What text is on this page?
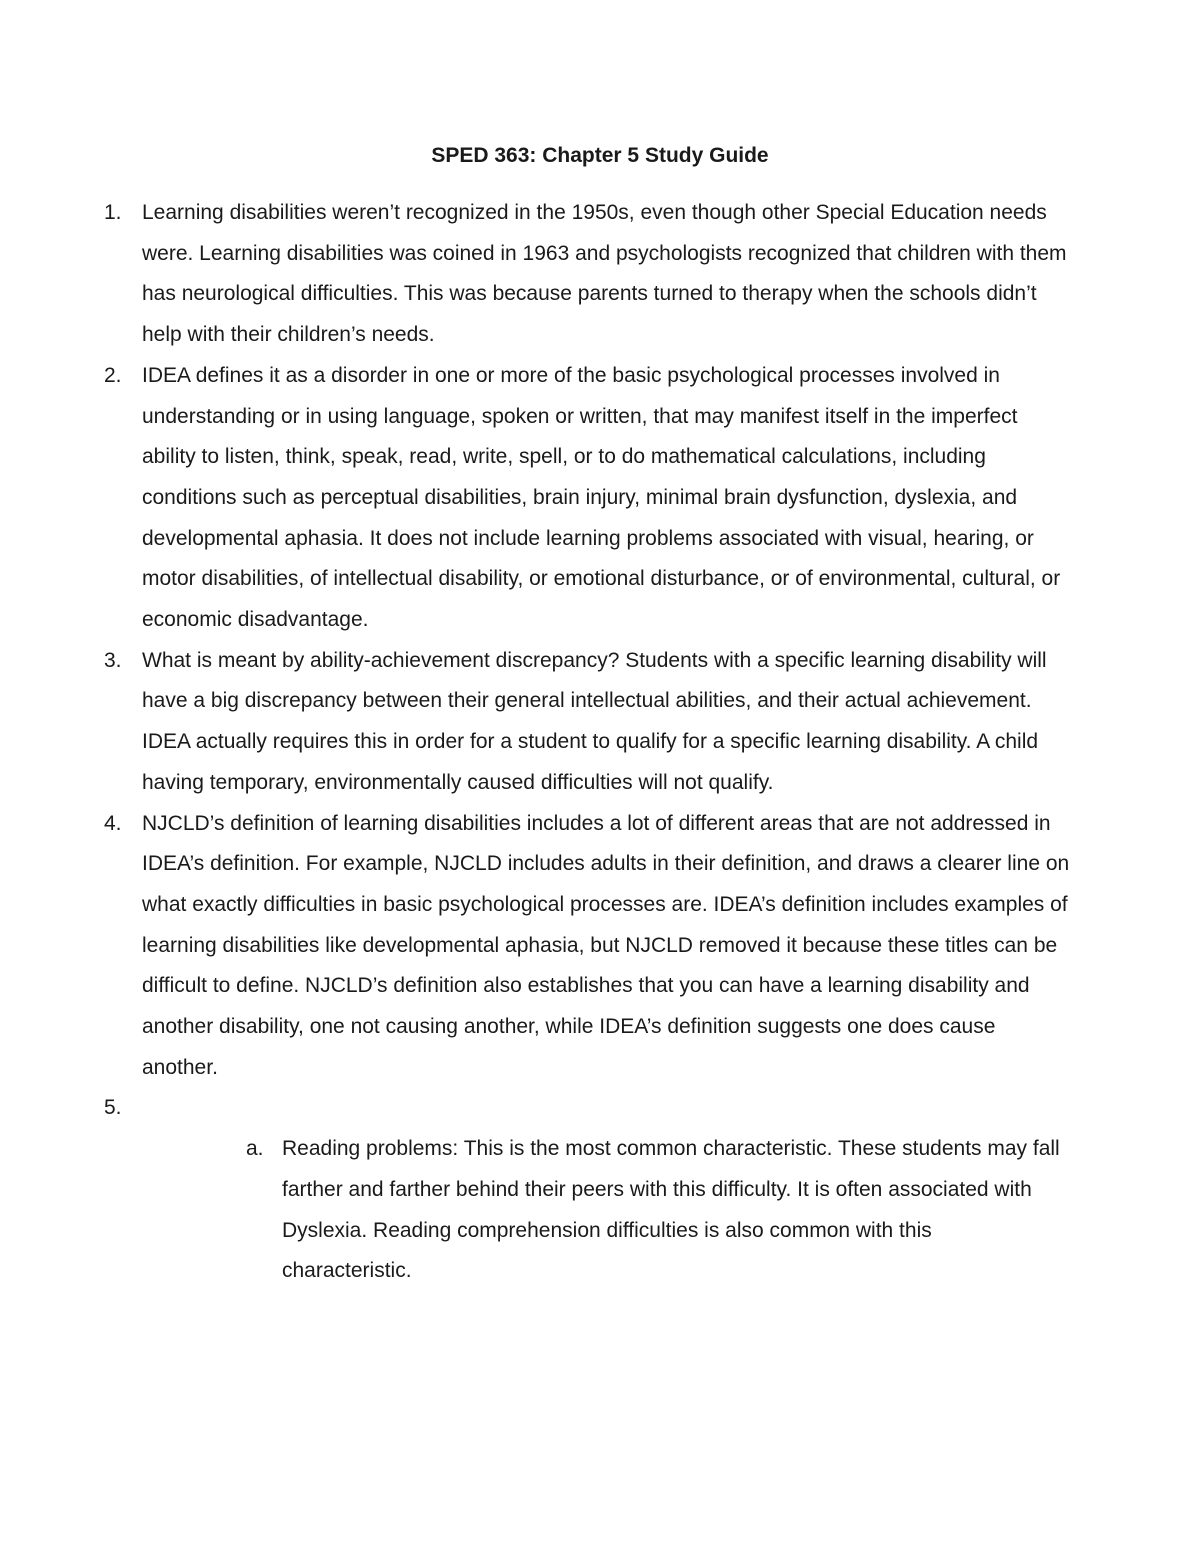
SPED 363: Chapter 5 Study Guide
1. Learning disabilities weren’t recognized in the 1950s, even though other Special Education needs were. Learning disabilities was coined in 1963 and psychologists recognized that children with them has neurological difficulties. This was because parents turned to therapy when the schools didn’t help with their children’s needs.
2. IDEA defines it as a disorder in one or more of the basic psychological processes involved in understanding or in using language, spoken or written, that may manifest itself in the imperfect ability to listen, think, speak, read, write, spell, or to do mathematical calculations, including conditions such as perceptual disabilities, brain injury, minimal brain dysfunction, dyslexia, and developmental aphasia. It does not include learning problems associated with visual, hearing, or motor disabilities, of intellectual disability, or emotional disturbance, or of environmental, cultural, or economic disadvantage.
3. What is meant by ability-achievement discrepancy? Students with a specific learning disability will have a big discrepancy between their general intellectual abilities, and their actual achievement. IDEA actually requires this in order for a student to qualify for a specific learning disability. A child having temporary, environmentally caused difficulties will not qualify.
4. NJCLD’s definition of learning disabilities includes a lot of different areas that are not addressed in IDEA’s definition. For example, NJCLD includes adults in their definition, and draws a clearer line on what exactly difficulties in basic psychological processes are. IDEA’s definition includes examples of learning disabilities like developmental aphasia, but NJCLD removed it because these titles can be difficult to define. NJCLD’s definition also establishes that you can have a learning disability and another disability, one not causing another, while IDEA’s definition suggests one does cause another.
5.
a. Reading problems: This is the most common characteristic. These students may fall farther and farther behind their peers with this difficulty. It is often associated with Dyslexia. Reading comprehension difficulties is also common with this characteristic.
